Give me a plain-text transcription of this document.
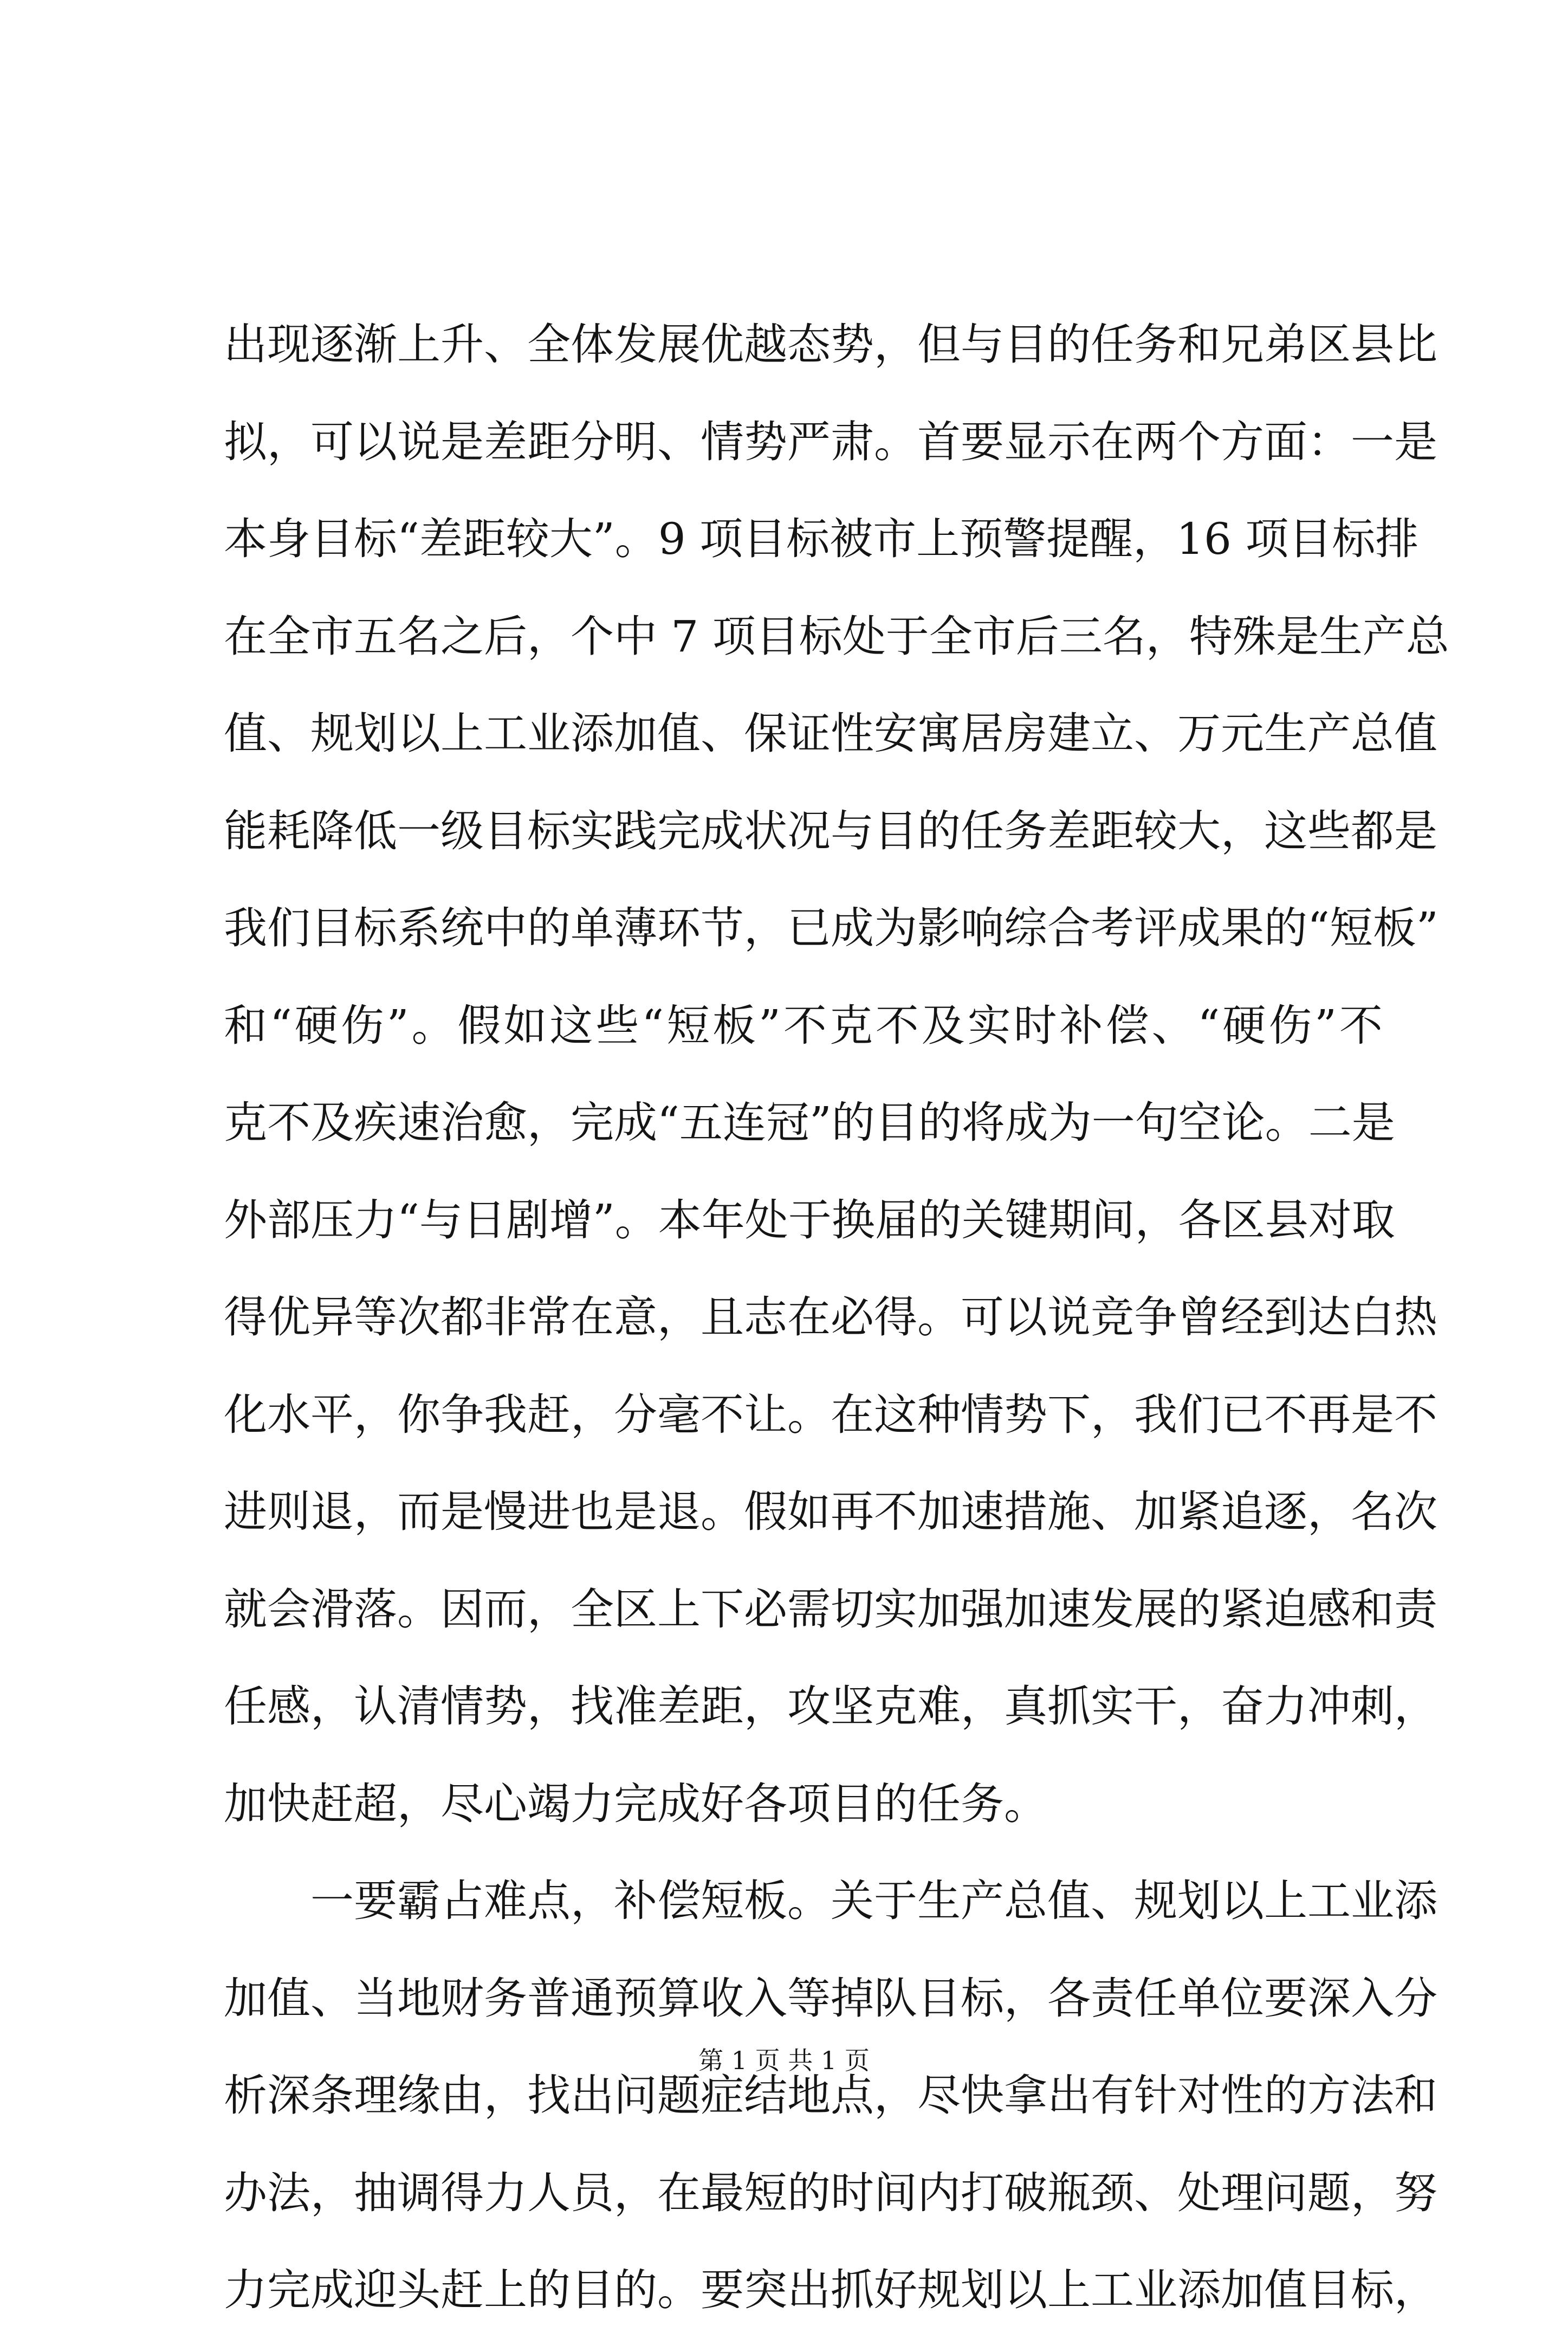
出现逐渐上升、全体发展优越态势，但与目的任务和兄弟区县比
拟，可以说是差距分明、情势严肃。首要显示在两个方面：一是
本身目标“差距较大”。9 项目标被市上预警提醒，16 项目标排
在全市五名之后，个中 7 项目标处于全市后三名，特殊是生产总
值、规划以上工业添加值、保证性安寓居房建立、万元生产总值
能耗降低一级目标实践完成状况与目的任务差距较大，这些都是
我们目标系统中的单薄环节，已成为影响综合考评成果的“短板”
和“硬伤”。假如这些“短板”不克不及实时补偿、“硬伤”不
克不及疾速治愈，完成“五连冠”的目的将成为一句空论。二是
外部压力“与日剧增”。本年处于换届的关键期间，各区县对取
得优异等次都非常在意，且志在必得。可以说竞争曾经到达白热
化水平，你争我赶，分毫不让。在这种情势下，我们已不再是不
进则退，而是慢进也是退。假如再不加速措施、加紧追逐，名次
就会滑落。因而，全区上下必需切实加强加速发展的紧迫感和责
任感，认清情势，找准差距，攻坚克难，真抓实干，奋力冲刺，
加快赶超，尽心竭力完成好各项目的任务。
一要霸占难点，补偿短板。关于生产总值、规划以上工业添
加值、当地财务普通预算收入等掉队目标，各责任单位要深入分
析深条理缘由，找出问题症结地点，尽快拿出有针对性的方法和
办法，抽调得力人员，在最短的时间内打破瓶颈、处理问题，努
力完成迎头赶上的目的。要突出抓好规划以上工业添加值目标，
第 1 页 共 1 页
